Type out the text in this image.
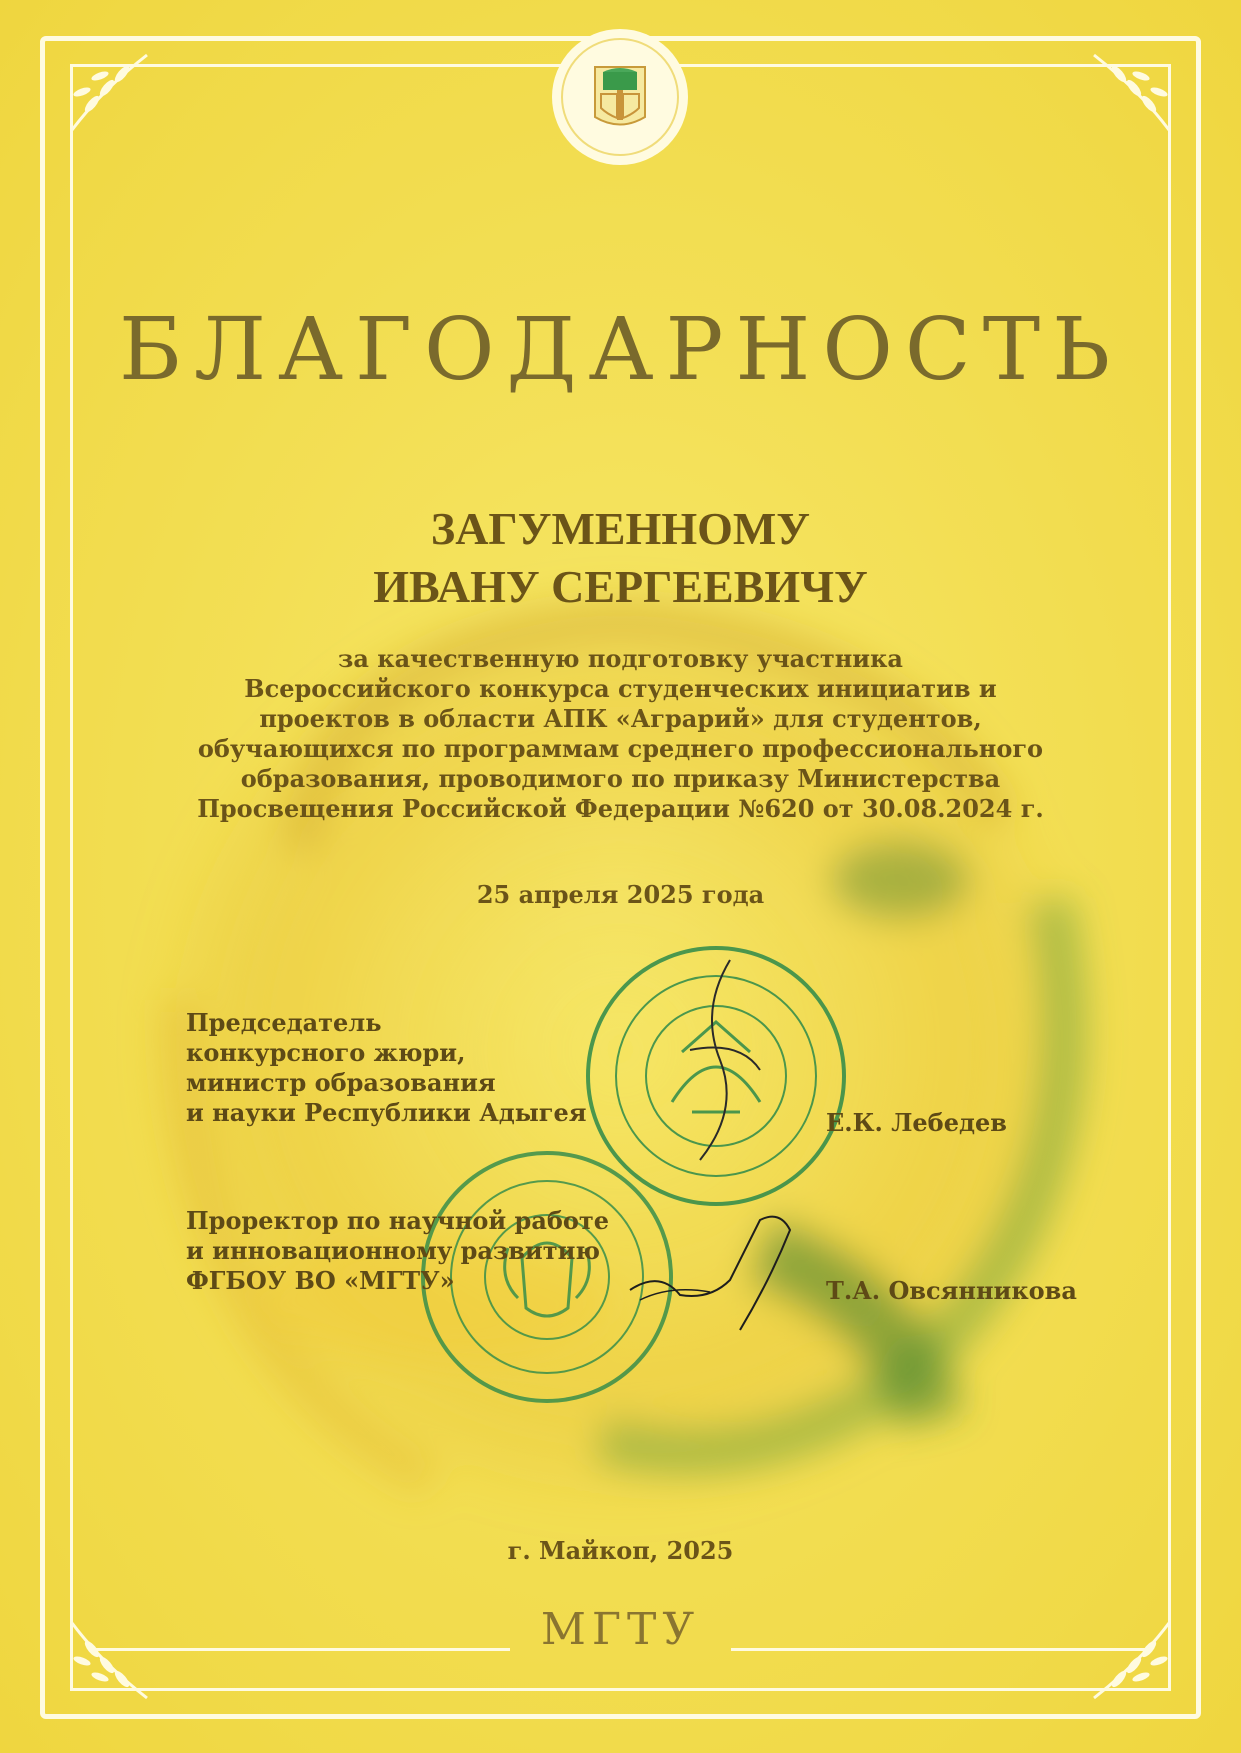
БЛАГОДАРНОСТЬ
ЗАГУМЕННОМУ
ИВАНУ СЕРГЕЕВИЧУ
за качественную подготовку участника
Всероссийского конкурса студенческих инициатив и
проектов в области АПК «Аграрий» для студентов,
обучающихся по программам среднего профессионального
образования, проводимого по приказу Министерства
Просвещения Российской Федерации №620 от 30.08.2024 г.
25 апреля 2025 года
Председатель
конкурсного жюри,
министр образования
и науки Республики Адыгея	Е.К. Лебедев
Проректор по научной работе
и инновационному развитию
ФГБОУ ВО «МГТУ»	Т.А. Овсянникова
г. Майкоп, 2025
МГТУ
